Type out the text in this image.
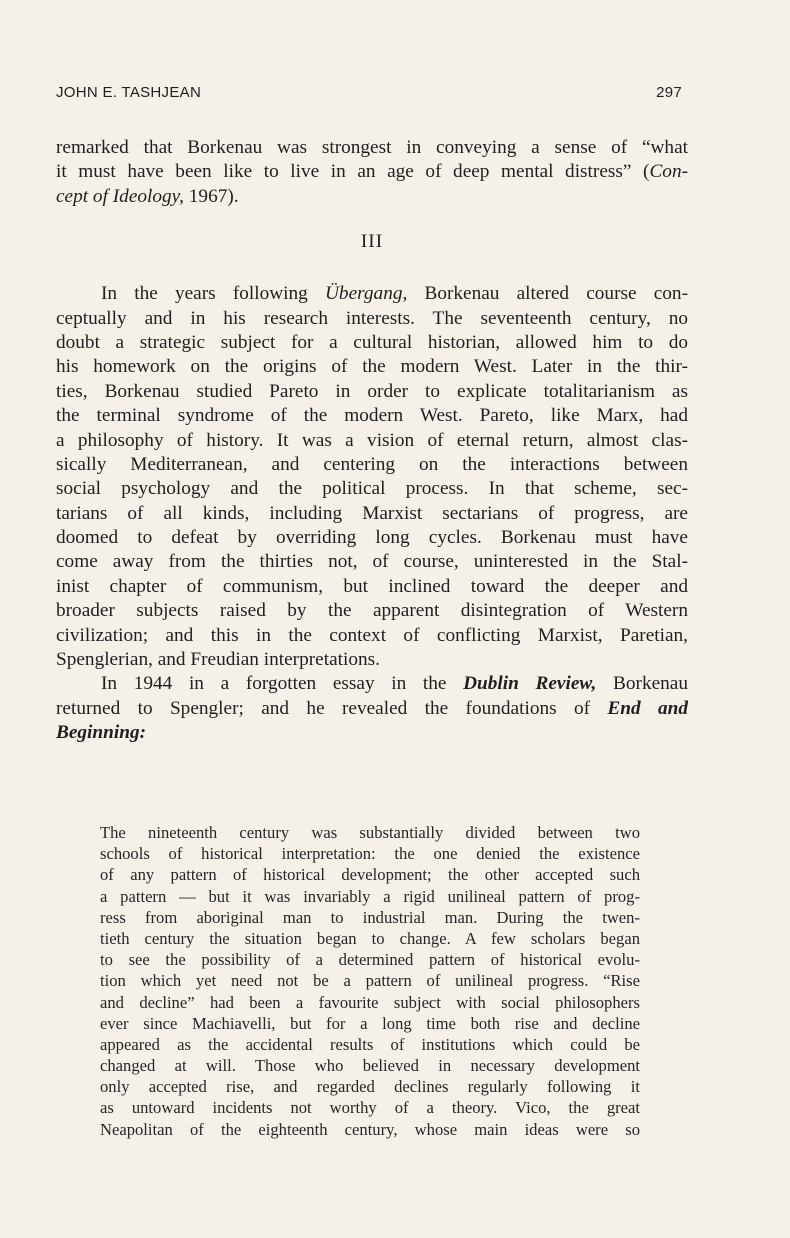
JOHN E. TASHJEAN	297
remarked that Borkenau was strongest in conveying a sense of “what
it must have been like to live in an age of deep mental distress” (Con-
cept of Ideology, 1967).
III
In the years following Übergang, Borkenau altered course con-
ceptually and in his research interests. The seventeenth century, no
doubt a strategic subject for a cultural historian, allowed him to do
his homework on the origins of the modern West. Later in the thir-
ties, Borkenau studied Pareto in order to explicate totalitarianism as
the terminal syndrome of the modern West. Pareto, like Marx, had
a philosophy of history. It was a vision of eternal return, almost clas-
sically Mediterranean, and centering on the interactions between
social psychology and the political process. In that scheme, sec-
tarians of all kinds, including Marxist sectarians of progress, are
doomed to defeat by overriding long cycles. Borkenau must have
come away from the thirties not, of course, uninterested in the Stal-
inist chapter of communism, but inclined toward the deeper and
broader subjects raised by the apparent disintegration of Western
civilization; and this in the context of conflicting Marxist, Paretian,
Spenglerian, and Freudian interpretations.
In 1944 in a forgotten essay in the Dublin Review, Borkenau
returned to Spengler; and he revealed the foundations of End and
Beginning:
The nineteenth century was substantially divided between two
schools of historical interpretation: the one denied the existence
of any pattern of historical development; the other accepted such
a pattern — but it was invariably a rigid unilineal pattern of prog-
ress from aboriginal man to industrial man. During the twen-
tieth century the situation began to change. A few scholars began
to see the possibility of a determined pattern of historical evolu-
tion which yet need not be a pattern of unilineal progress. “Rise
and decline” had been a favourite subject with social philosophers
ever since Machiavelli, but for a long time both rise and decline
appeared as the accidental results of institutions which could be
changed at will. Those who believed in necessary development
only accepted rise, and regarded declines regularly following it
as untoward incidents not worthy of a theory. Vico, the great
Neapolitan of the eighteenth century, whose main ideas were so
